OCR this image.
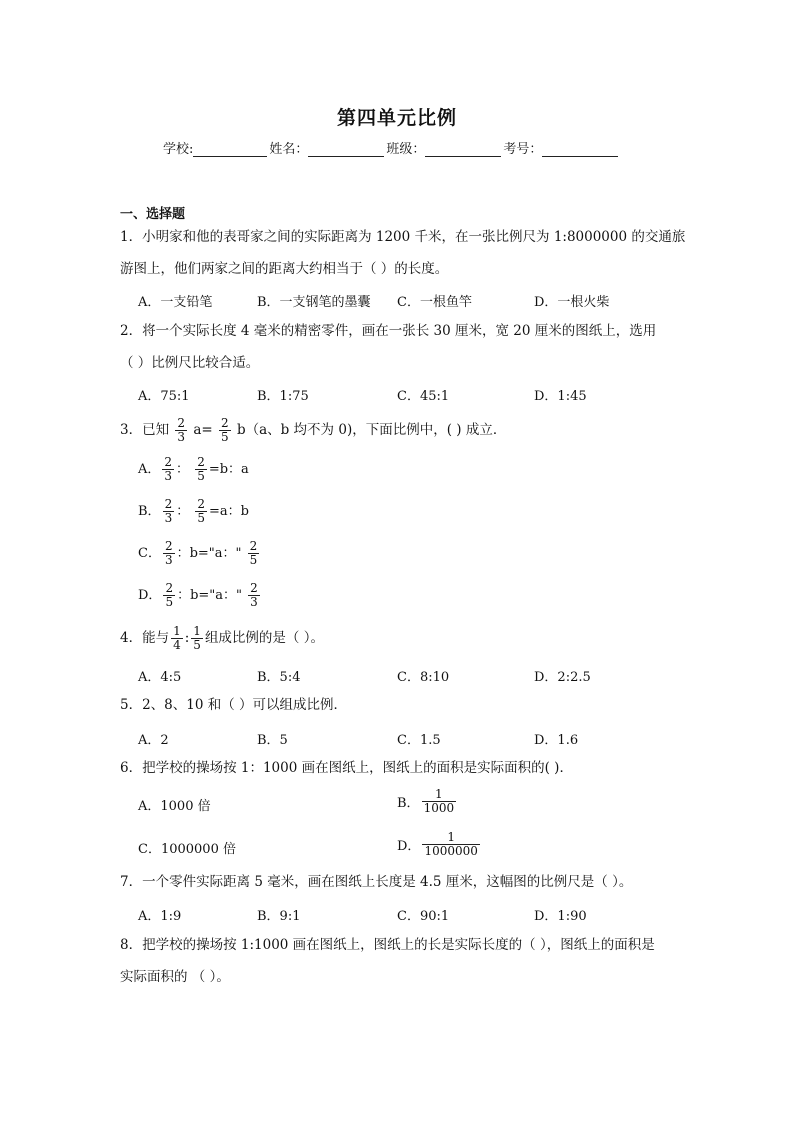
第四单元比例
学校:	姓名：	班级：	考号：
一、选择题
1．小明家和他的表哥家之间的实际距离为 1200 千米，在一张比例尺为 1:8000000 的交通旅
游图上，他们两家之间的距离大约相当于（ ）的长度。
A．一支铅笔	B．一支钢笔的墨囊 C．一根鱼竿	D．一根火柴
2．将一个实际长度 4 毫米的精密零件，画在一张长 30 厘米，宽 20 厘米的图纸上，选用
（ ）比例尺比较合适。
A．75:1	B．1:75	C．45:1	D．1:45
3．已知 $\frac{2}{3} a= \frac{2}{5} b(a$、b 均不为 0)，下面比例中，( ) 成立．
A． $\frac{2}{3}$ ： $\frac{2}{5} =b$：a
B． $\frac{2}{3}$ ： $\frac{2}{5} =a$：b
C． $\frac{2}{3}$ ：b="a：" $\frac{2}{5}$
D． $\frac{2}{5}$ ：b="a：" $\frac{2}{3}$
4．能与 $\frac{1}{4}$ : $\frac{1}{5}$ 组成比例的是（ ）。
A．4:5	B．5:4	C．8:10	D．2:2.5
5．2、8、10 和（ ）可以组成比例．
A．2	B．5	C．1.5	D．1.6
6．把学校的操场按 1：1000 画在图纸上，图纸上的面积是实际面积的( )．
A．1000 倍	B． $\frac{1}{1000}$
C．1000000 倍	D． $\frac{1}{1000000}$
7．一个零件实际距离 5 毫米，画在图纸上长度是 4.5 厘米，这幅图的比例尺是（ ）。
A．1:9	B．9:1	C．90:1	D．1:90
8．把学校的操场按 1:1000 画在图纸上，图纸上的长是实际长度的（ ），图纸上的面积是
实际面积的 （ ）。
